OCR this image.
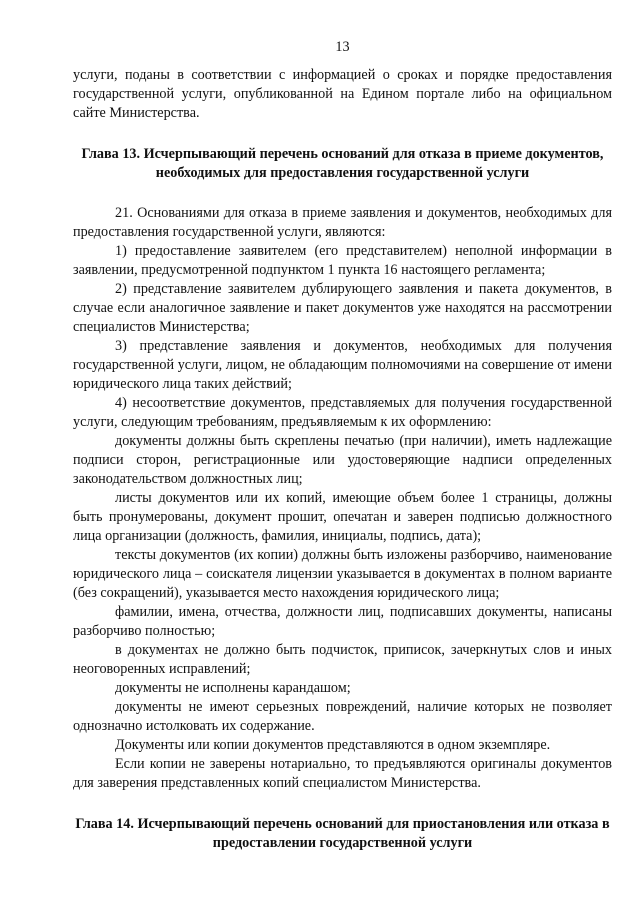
13

услуги, поданы в соответствии с информацией о сроках и порядке предоставления государственной услуги, опубликованной на Едином портале либо на официальном сайте Министерства.

Глава 13. Исчерпывающий перечень оснований для отказа в приеме документов, необходимых для предоставления государственной услуги

21. Основаниями для отказа в приеме заявления и документов, необходимых для предоставления государственной услуги, являются:

1) предоставление заявителем (его представителем) неполной информации в заявлении, предусмотренной подпунктом 1 пункта 16 настоящего регламента;

2) представление заявителем дублирующего заявления и пакета документов, в случае если аналогичное заявление и пакет документов уже находятся на рассмотрении специалистов Министерства;

3) представление заявления и документов, необходимых для получения государственной услуги, лицом, не обладающим полномочиями на совершение от имени юридического лица таких действий;

4) несоответствие документов, представляемых для получения государственной услуги, следующим требованиям, предъявляемым к их оформлению:

документы должны быть скреплены печатью (при наличии), иметь надлежащие подписи сторон, регистрационные или удостоверяющие надписи определенных законодательством должностных лиц;

листы документов или их копий, имеющие объем более 1 страницы, должны быть пронумерованы, документ прошит, опечатан и заверен подписью должностного лица организации (должность, фамилия, инициалы, подпись, дата);

тексты документов (их копии) должны быть изложены разборчиво, наименование юридического лица – соискателя лицензии указывается в документах в полном варианте (без сокращений), указывается место нахождения юридического лица;

фамилии, имена, отчества, должности лиц, подписавших документы, написаны разборчиво полностью;

в документах не должно быть подчисток, приписок, зачеркнутых слов и иных неоговоренных исправлений;

документы не исполнены карандашом;

документы не имеют серьезных повреждений, наличие которых не позволяет однозначно истолковать их содержание.

Документы или копии документов представляются в одном экземпляре.

Если копии не заверены нотариально, то предъявляются оригиналы документов для заверения представленных копий специалистом Министерства.

Глава 14. Исчерпывающий перечень оснований для приостановления или отказа в предоставлении государственной услуги
